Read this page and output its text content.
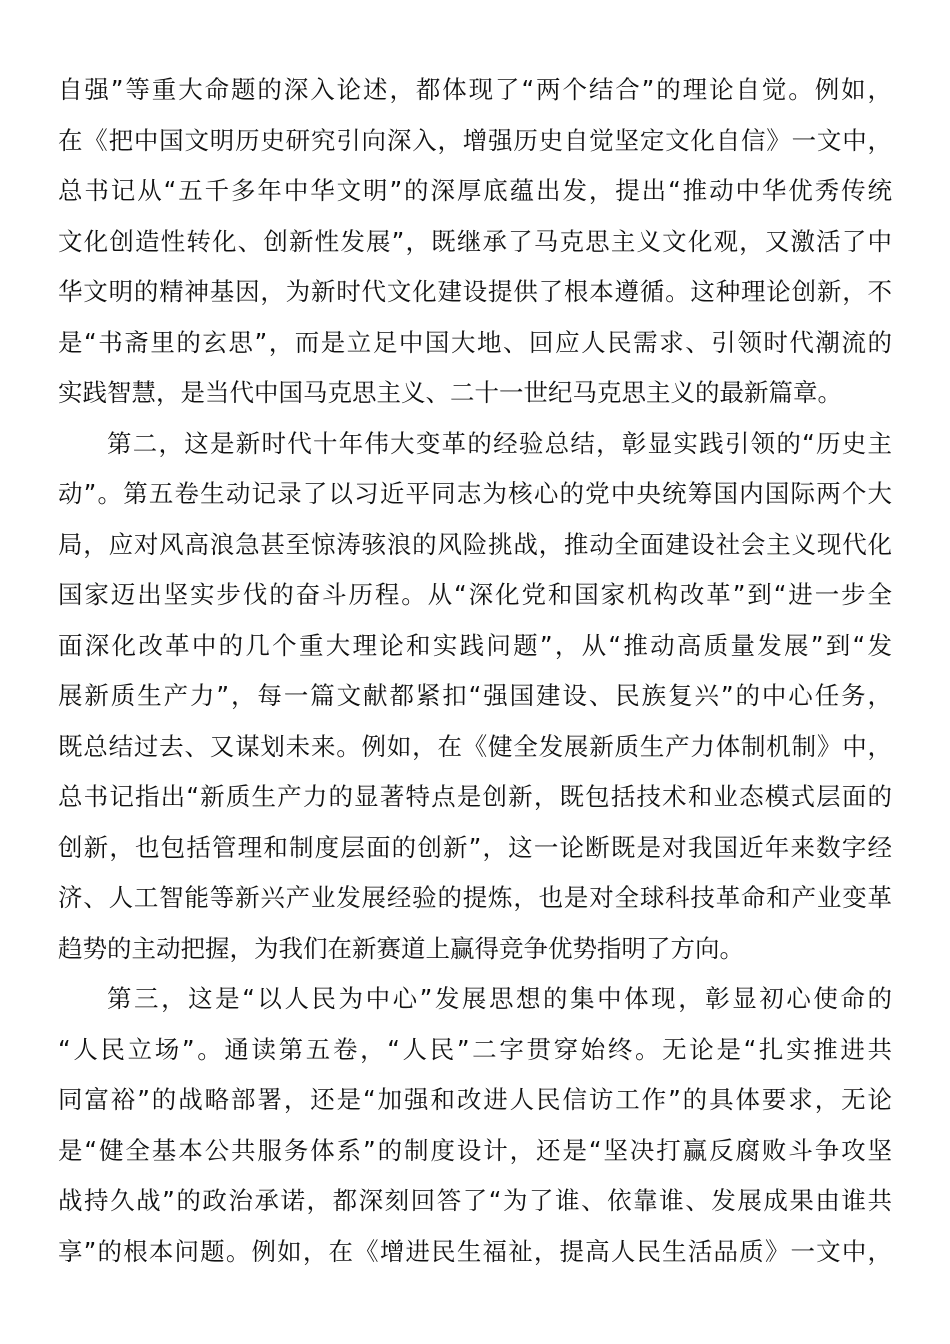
自强”等重大命题的深入论述，都体现了“两个结合”的理论自觉。例如，
在《把中国文明历史研究引向深入，增强历史自觉坚定文化自信》一文中，
总书记从“五千多年中华文明”的深厚底蕴出发，提出“推动中华优秀传统
文化创造性转化、创新性发展”，既继承了马克思主义文化观，又激活了中
华文明的精神基因，为新时代文化建设提供了根本遵循。这种理论创新，不
是“书斋里的玄思”，而是立足中国大地、回应人民需求、引领时代潮流的
实践智慧，是当代中国马克思主义、二十一世纪马克思主义的最新篇章。
第二，这是新时代十年伟大变革的经验总结，彰显实践引领的“历史主
动”。第五卷生动记录了以习近平同志为核心的党中央统筹国内国际两个大
局，应对风高浪急甚至惊涛骇浪的风险挑战，推动全面建设社会主义现代化
国家迈出坚实步伐的奋斗历程。从“深化党和国家机构改革”到“进一步全
面深化改革中的几个重大理论和实践问题”，从“推动高质量发展”到“发
展新质生产力”，每一篇文献都紧扣“强国建设、民族复兴”的中心任务，
既总结过去、又谋划未来。例如，在《健全发展新质生产力体制机制》中，
总书记指出“新质生产力的显著特点是创新，既包括技术和业态模式层面的
创新，也包括管理和制度层面的创新”，这一论断既是对我国近年来数字经
济、人工智能等新兴产业发展经验的提炼，也是对全球科技革命和产业变革
趋势的主动把握，为我们在新赛道上赢得竞争优势指明了方向。
第三，这是“以人民为中心”发展思想的集中体现，彰显初心使命的
“人民立场”。通读第五卷，“人民”二字贯穿始终。无论是“扎实推进共
同富裕”的战略部署，还是“加强和改进人民信访工作”的具体要求，无论
是“健全基本公共服务体系”的制度设计，还是“坚决打赢反腐败斗争攻坚
战持久战”的政治承诺，都深刻回答了“为了谁、依靠谁、发展成果由谁共
享”的根本问题。例如，在《增进民生福祉，提高人民生活品质》一文中，
